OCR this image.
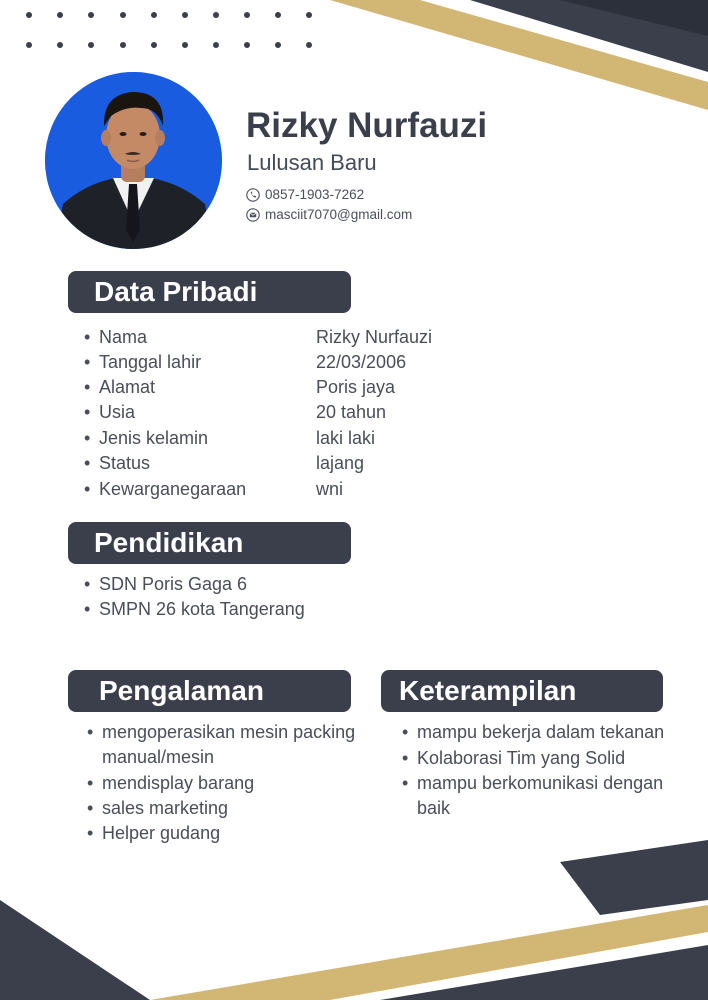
Rizky Nurfauzi
Lulusan Baru
0857-1903-7262
masciit7070@gmail.com
Data Pribadi
• Nama	Rizky Nurfauzi
• Tanggal lahir	22/03/2006
• Alamat	Poris jaya
• Usia	20 tahun
• Jenis kelamin	laki laki
• Status	lajang
• Kewarganegaraan	wni
Pendidikan
• SDN Poris Gaga 6
• SMPN 26 kota Tangerang
Pengalaman
• mengoperasikan mesin packing
manual/mesin
• mendisplay barang
• sales marketing
• Helper gudang
Keterampilan
• mampu bekerja dalam tekanan
• Kolaborasi Tim yang Solid
• mampu berkomunikasi dengan
baik
